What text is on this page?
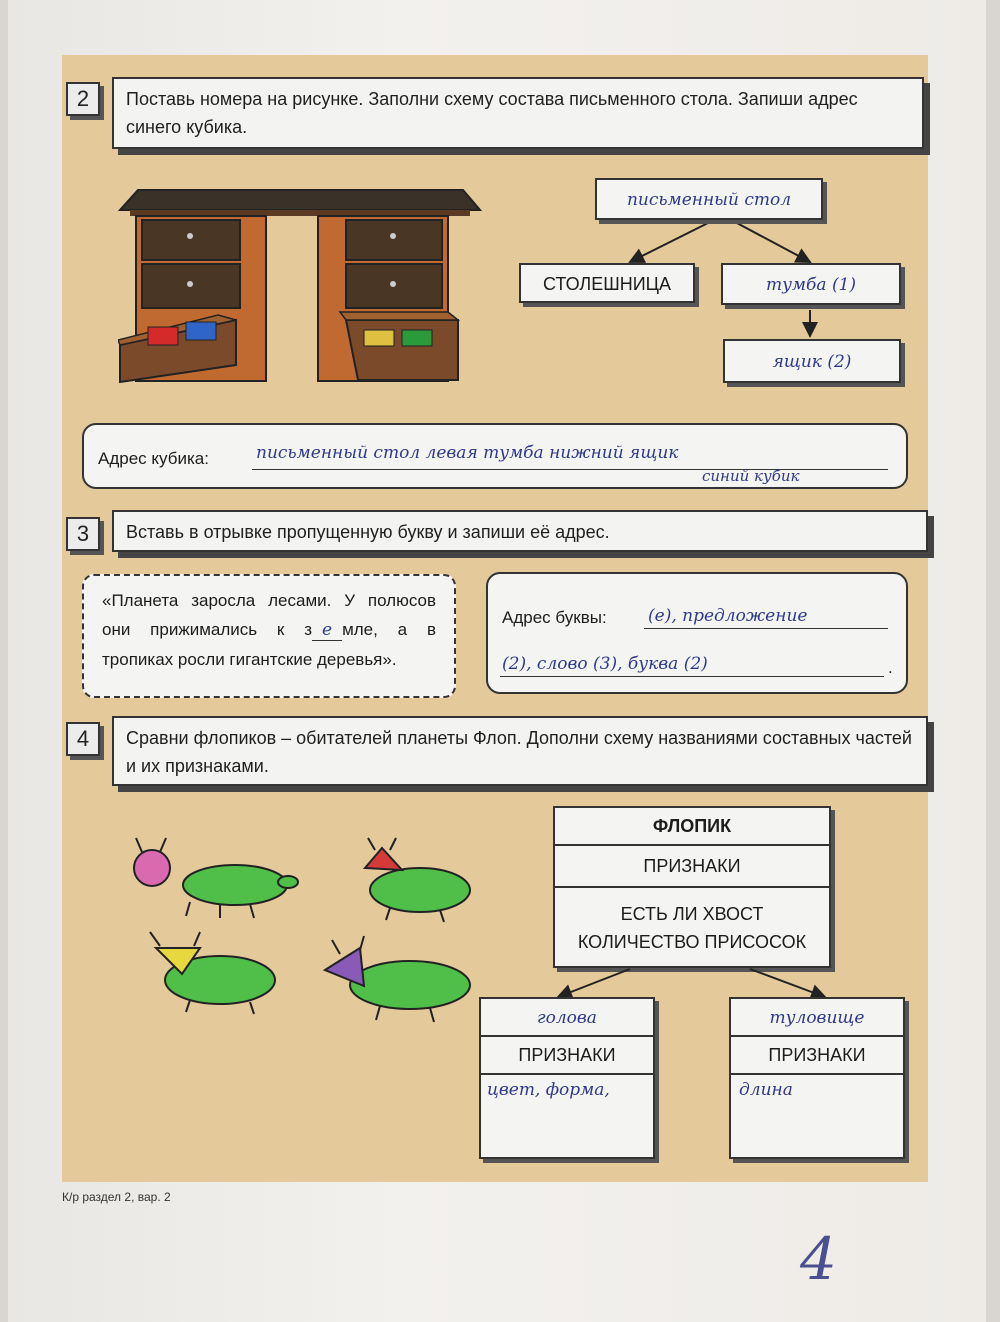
2	Поставь номера на рисунке. Заполни схему состава письменного стола. Запиши адрес синего кубика.
письменный стол
СТОЛЕШНИЦА	тумба (1)
ящик (2)
Адрес кубика:	письменный стол левая тумба нижний ящик
синий кубик
3	Вставь в отрывке пропущенную букву и запиши её адрес.
«Планета заросла лесами. У полюсов они прижимались к з е мле, а в тропиках росли гигантские деревья».
Адрес буквы: (е), предложение
(2), слово (3), буква (2)	.
4	Сравни флопиков – обитателей планеты Флоп. Дополни схему названиями составных частей и их признаками.
ФЛОПИК
ПРИЗНАКИ
ЕСТЬ ЛИ ХВОСТ
КОЛИЧЕСТВО ПРИСОСОК
голова
ПРИЗНАКИ
цвет, форма,
туловище
ПРИЗНАКИ
длина
К/р раздел 2, вар. 2
4
